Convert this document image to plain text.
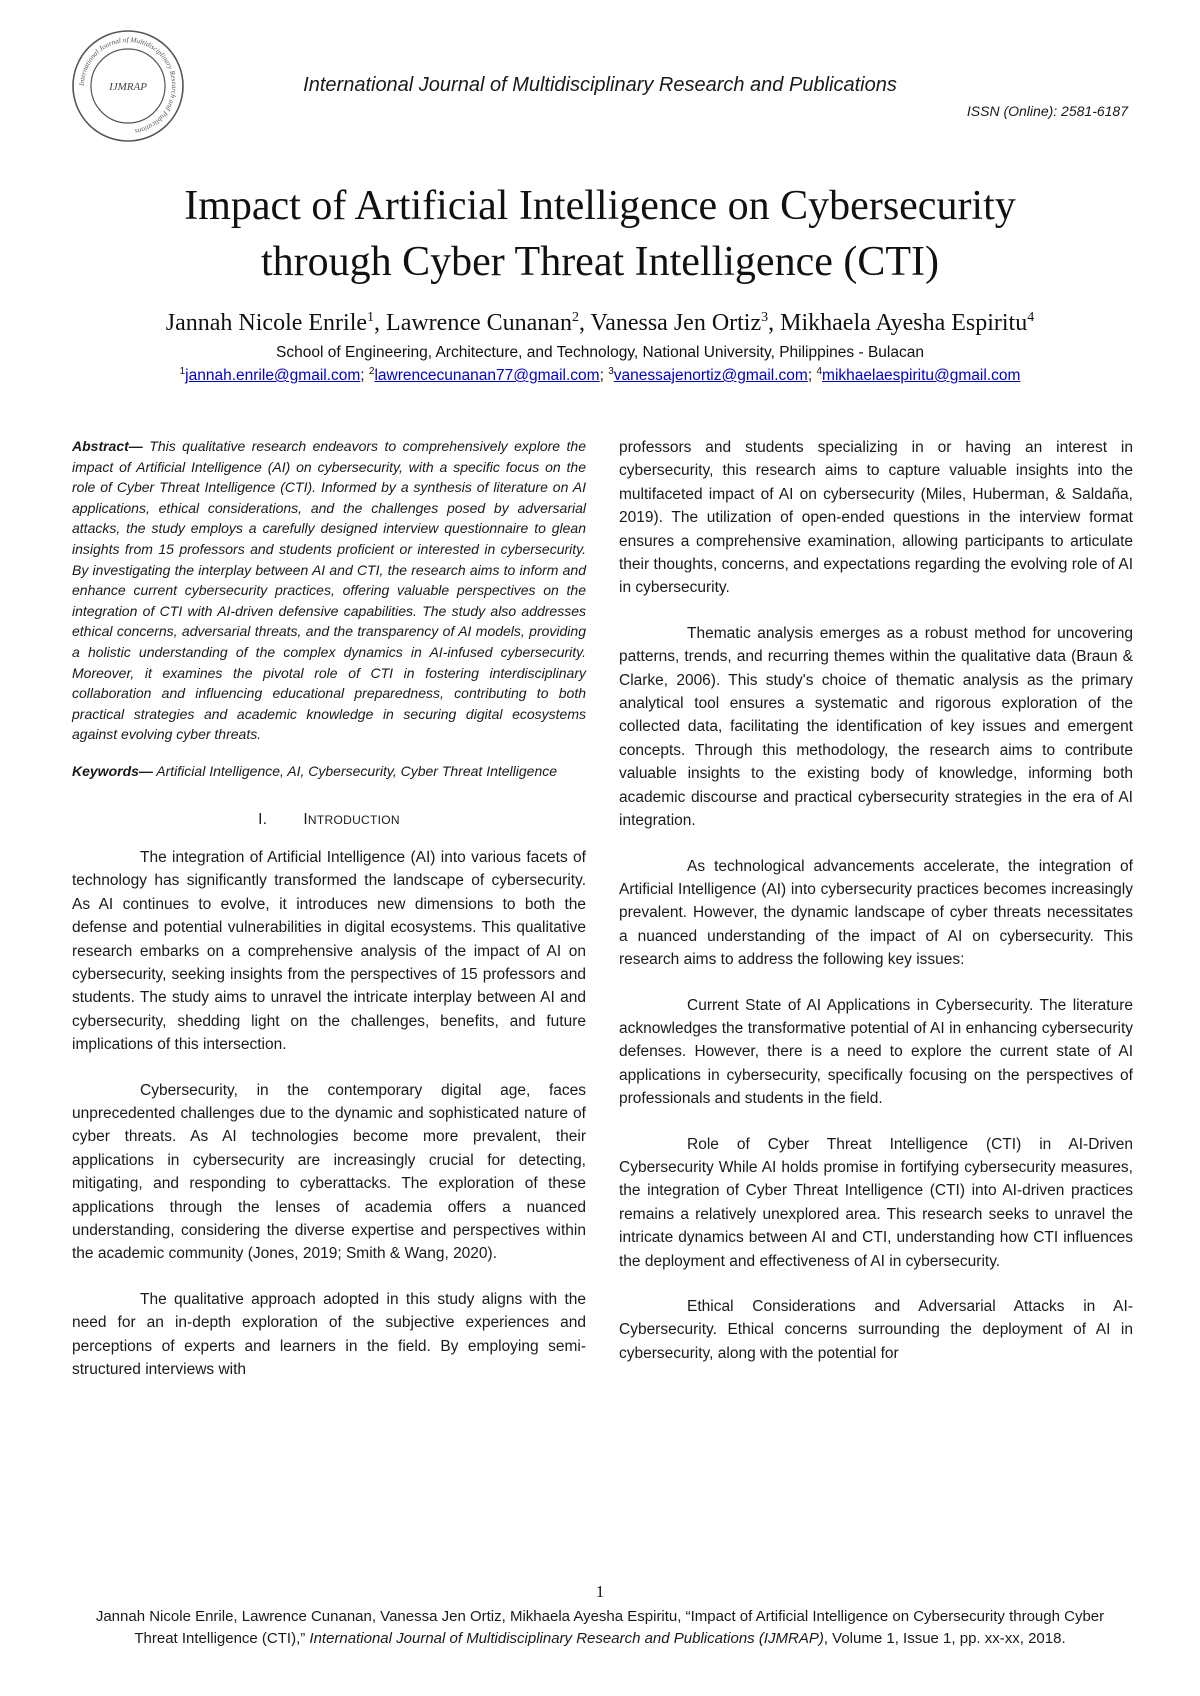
International Journal of Multidisciplinary Research and Publications
IJMRAP	International Journal of Multidisciplinary Research and Publications
ISSN (Online): 2581-6187
Impact of Artificial Intelligence on Cybersecurity
through Cyber Threat Intelligence (CTI)
Jannah Nicole Enrile$^1$, Lawrence Cunanan$^2$, Vanessa Jen Ortiz$^3$, Mikhaela Ayesha Espiritu$^4$
School of Engineering, Architecture, and Technology, National University, Philippines - Bulacan
$^1$jannah.enrile@gmail.com; $^2$lawrencecunanan77@gmail.com; $^3$vanessajenortiz@gmail.com; $^4$mikhaelaespiritu@gmail.com

Abstract— This qualitative research endeavors to comprehensively explore the impact of Artificial Intelligence (AI) on cybersecurity, with a specific focus on the role of Cyber Threat Intelligence (CTI). Informed by a synthesis of literature on AI applications, ethical considerations, and the challenges posed by adversarial attacks, the study employs a carefully designed interview questionnaire to glean insights from 15 professors and students proficient or interested in cybersecurity. By investigating the interplay between AI and CTI, the research aims to inform and enhance current cybersecurity practices, offering valuable perspectives on the integration of CTI with AI-driven defensive capabilities. The study also addresses ethical concerns, adversarial threats, and the transparency of AI models, providing a holistic understanding of the complex dynamics in AI-infused cybersecurity. Moreover, it examines the pivotal role of CTI in fostering interdisciplinary collaboration and influencing educational preparedness, contributing to both practical strategies and academic knowledge in securing digital ecosystems against evolving cyber threats.

Keywords— Artificial Intelligence, AI, Cybersecurity, Cyber Threat Intelligence

I. INTRODUCTION

The integration of Artificial Intelligence (AI) into various facets of technology has significantly transformed the landscape of cybersecurity. As AI continues to evolve, it introduces new dimensions to both the defense and potential vulnerabilities in digital ecosystems. This qualitative research embarks on a comprehensive analysis of the impact of AI on cybersecurity, seeking insights from the perspectives of 15 professors and students. The study aims to unravel the intricate interplay between AI and cybersecurity, shedding light on the challenges, benefits, and future implications of this intersection.

Cybersecurity, in the contemporary digital age, faces unprecedented challenges due to the dynamic and sophisticated nature of cyber threats. As AI technologies become more prevalent, their applications in cybersecurity are increasingly crucial for detecting, mitigating, and responding to cyberattacks. The exploration of these applications through the lenses of academia offers a nuanced understanding, considering the diverse expertise and perspectives within the academic community (Jones, 2019; Smith & Wang, 2020).

The qualitative approach adopted in this study aligns with the need for an in-depth exploration of the subjective experiences and perceptions of experts and learners in the field. By employing semi-structured interviews with

professors and students specializing in or having an interest in cybersecurity, this research aims to capture valuable insights into the multifaceted impact of AI on cybersecurity (Miles, Huberman, & Saldaña, 2019). The utilization of open-ended questions in the interview format ensures a comprehensive examination, allowing participants to articulate their thoughts, concerns, and expectations regarding the evolving role of AI in cybersecurity.

Thematic analysis emerges as a robust method for uncovering patterns, trends, and recurring themes within the qualitative data (Braun & Clarke, 2006). This study's choice of thematic analysis as the primary analytical tool ensures a systematic and rigorous exploration of the collected data, facilitating the identification of key issues and emergent concepts. Through this methodology, the research aims to contribute valuable insights to the existing body of knowledge, informing both academic discourse and practical cybersecurity strategies in the era of AI integration.

As technological advancements accelerate, the integration of Artificial Intelligence (AI) into cybersecurity practices becomes increasingly prevalent. However, the dynamic landscape of cyber threats necessitates a nuanced understanding of the impact of AI on cybersecurity. This research aims to address the following key issues:

Current State of AI Applications in Cybersecurity. The literature acknowledges the transformative potential of AI in enhancing cybersecurity defenses. However, there is a need to explore the current state of AI applications in cybersecurity, specifically focusing on the perspectives of professionals and students in the field.

Role of Cyber Threat Intelligence (CTI) in AI-Driven Cybersecurity While AI holds promise in fortifying cybersecurity measures, the integration of Cyber Threat Intelligence (CTI) into AI-driven practices remains a relatively unexplored area. This research seeks to unravel the intricate dynamics between AI and CTI, understanding how CTI influences the deployment and effectiveness of AI in cybersecurity.

Ethical Considerations and Adversarial Attacks in AI-Cybersecurity. Ethical concerns surrounding the deployment of AI in cybersecurity, along with the potential for

1
Jannah Nicole Enrile, Lawrence Cunanan, Vanessa Jen Ortiz, Mikhaela Ayesha Espiritu, “Impact of Artificial Intelligence on Cybersecurity through Cyber Threat Intelligence (CTI),” International Journal of Multidisciplinary Research and Publications (IJMRAP), Volume 1, Issue 1, pp. xx-xx, 2018.
